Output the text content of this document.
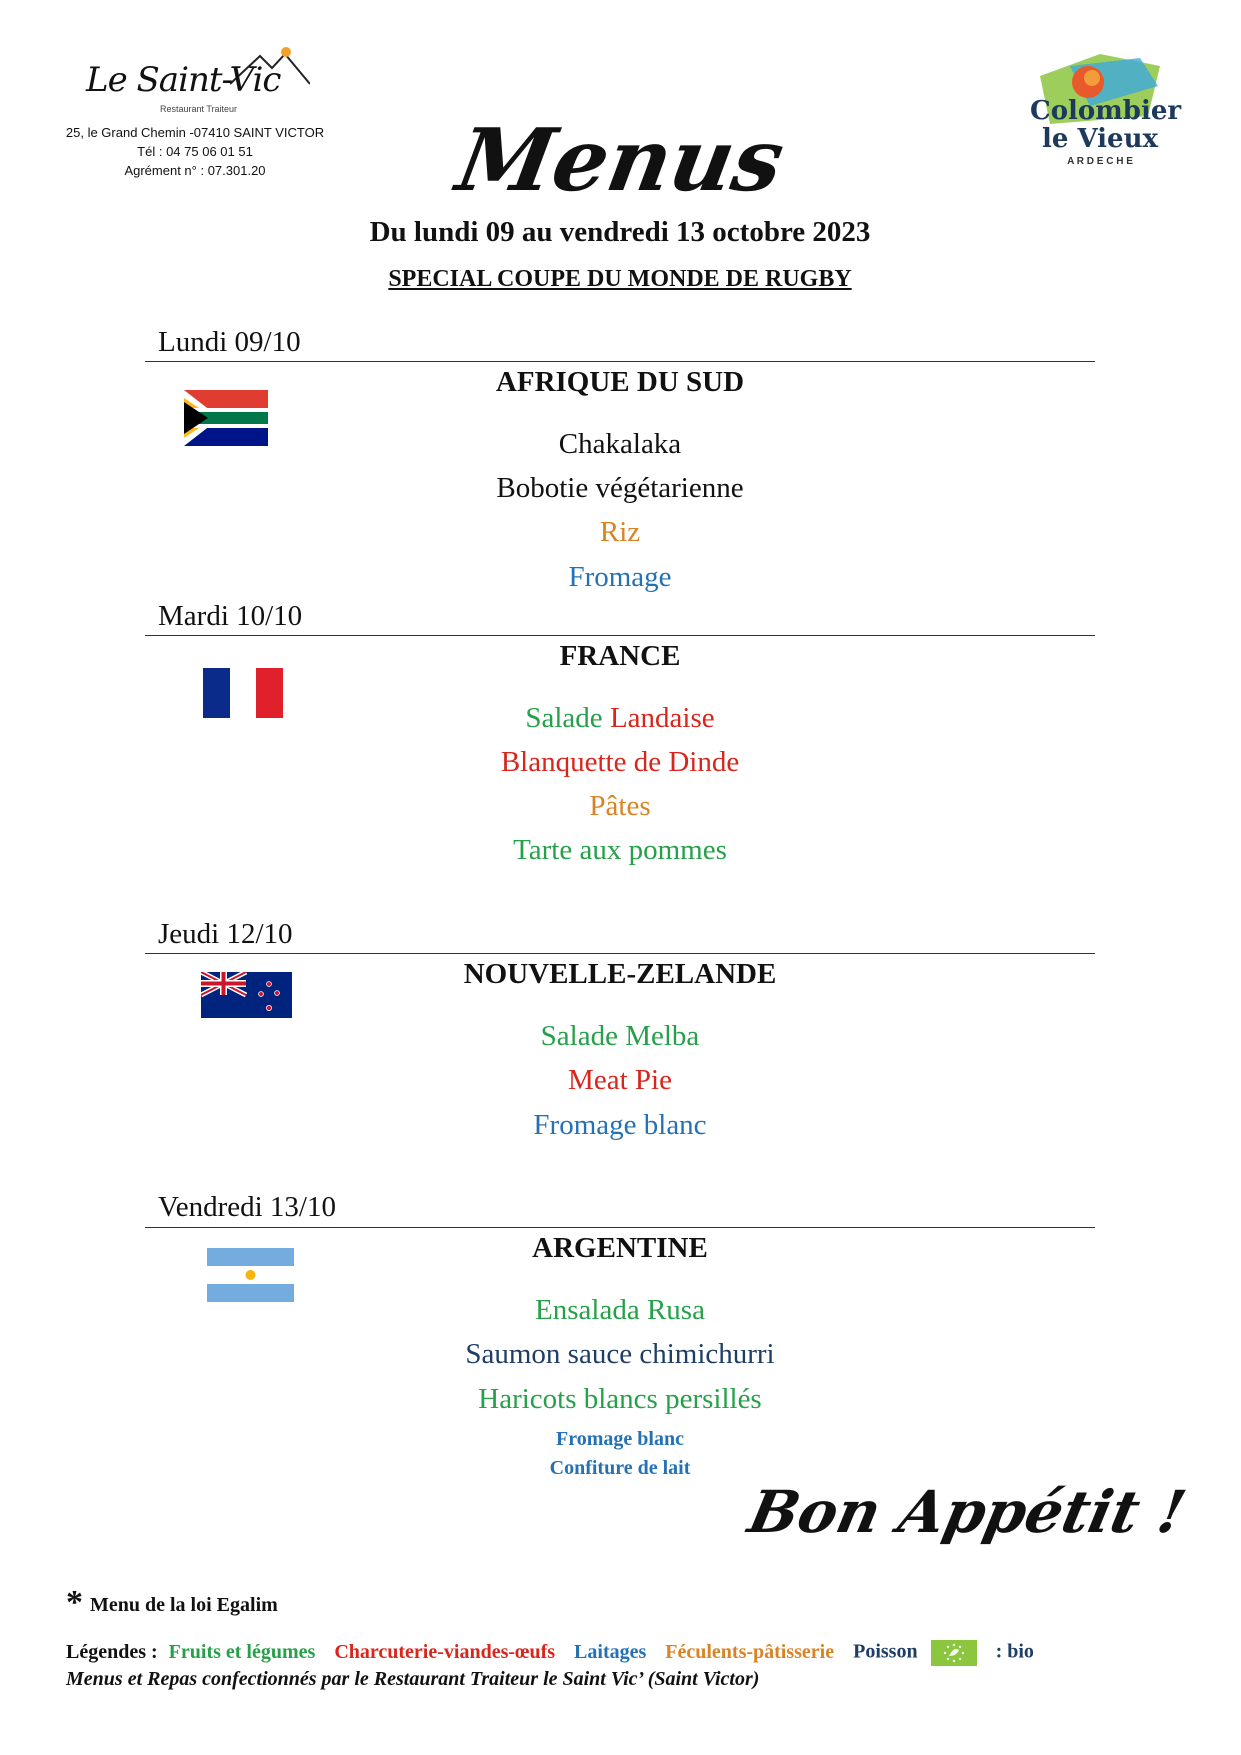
Le Saint-Vic
Restaurant Traiteur
25, le Grand Chemin -07410 SAINT VICTOR
Tél : 04 75 06 01 51
Agrément n° : 07.301.20
Colombier
le Vieux
A R D E C H E
Menus
Du lundi 09 au vendredi 13 octobre 2023
SPECIAL COUPE DU MONDE DE RUGBY
Lundi 09/10
AFRIQUE DU SUD
Chakalaka
Bobotie végétarienne
Riz
Fromage
Mardi 10/10
FRANCE
Salade Landaise
Blanquette de Dinde
Pâtes
Tarte aux pommes
Jeudi 12/10
NOUVELLE-ZELANDE
Salade Melba
Meat Pie
Fromage blanc
Vendredi 13/10
ARGENTINE
Ensalada Rusa
Saumon sauce chimichurri
Haricots blancs persillés
Fromage blanc
Confiture de lait
Bon Appétit !
* Menu de la loi Egalim
Légendes : Fruits et légumes Charcuterie-viandes-œufs Laitages Féculents-pâtisserie Poisson	: bio
Menus et Repas confectionnés par le Restaurant Traiteur le Saint Vic’ (Saint Victor)
